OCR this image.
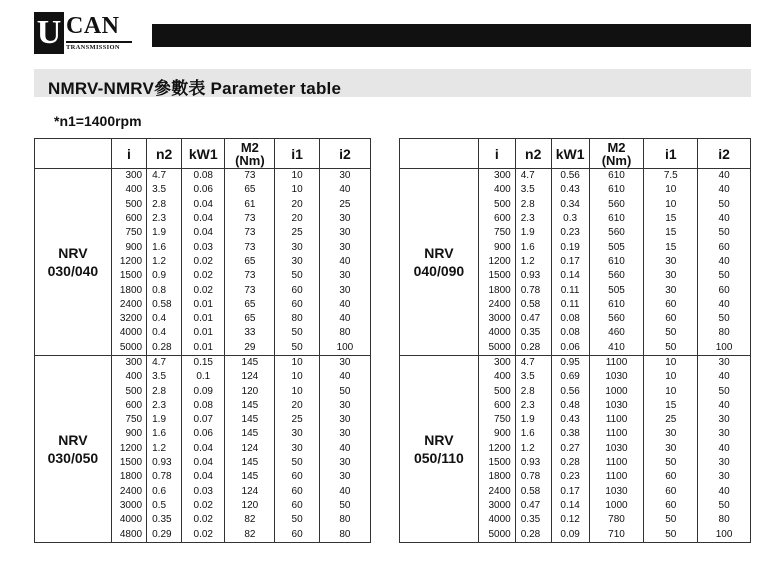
U CAN
TRANSMISSION
NMRV-NMRV參數表 Parameter table
*n1=1400rpm
	i	n2	kW1	M2
(Nm)	i1	i2

NRV
030/040	300	4.7	0.08	73	10	30
	400	3.5	0.06	65	10	40
	500	2.8	0.04	61	20	25
	600	2.3	0.04	73	20	30
	750	1.9	0.04	73	25	30
	900	1.6	0.03	73	30	30
	1200	1.2	0.02	65	30	40
	1500	0.9	0.02	73	50	30
	1800	0.8	0.02	73	60	30
	2400	0.58	0.01	65	60	40
	3200	0.4	0.01	65	80	40
	4000	0.4	0.01	33	50	80
	5000	0.28	0.01	29	50	100

NRV
030/050	300	4.7	0.15	145	10	30
	400	3.5	0.1	124	10	40
	500	2.8	0.09	120	10	50
	600	2.3	0.08	145	20	30
	750	1.9	0.07	145	25	30
	900	1.6	0.06	145	30	30
	1200	1.2	0.04	124	30	40
	1500	0.93	0.04	145	50	30
	1800	0.78	0.04	145	60	30
	2400	0.6	0.03	124	60	40
	3000	0.5	0.02	120	60	50
	4000	0.35	0.02	82	50	80
	4800	0.29	0.02	82	60	80
	i	n2	kW1	M2
(Nm)	i1	i2

NRV
040/090	300	4.7	0.56	610	7.5	40
	400	3.5	0.43	610	10	40
	500	2.8	0.34	560	10	50
	600	2.3	0.3	610	15	40
	750	1.9	0.23	560	15	50
	900	1.6	0.19	505	15	60
	1200	1.2	0.17	610	30	40
	1500	0.93	0.14	560	30	50
	1800	0.78	0.11	505	30	60
	2400	0.58	0.11	610	60	40
	3000	0.47	0.08	560	60	50
	4000	0.35	0.08	460	50	80
	5000	0.28	0.06	410	50	100

NRV
050/110	300	4.7	0.95	1100	10	30
	400	3.5	0.69	1030	10	40
	500	2.8	0.56	1000	10	50
	600	2.3	0.48	1030	15	40
	750	1.9	0.43	1100	25	30
	900	1.6	0.38	1100	30	30
	1200	1.2	0.27	1030	30	40
	1500	0.93	0.28	1100	50	30
	1800	0.78	0.23	1100	60	30
	2400	0.58	0.17	1030	60	40
	3000	0.47	0.14	1000	60	50
	4000	0.35	0.12	780	50	80
	5000	0.28	0.09	710	50	100
